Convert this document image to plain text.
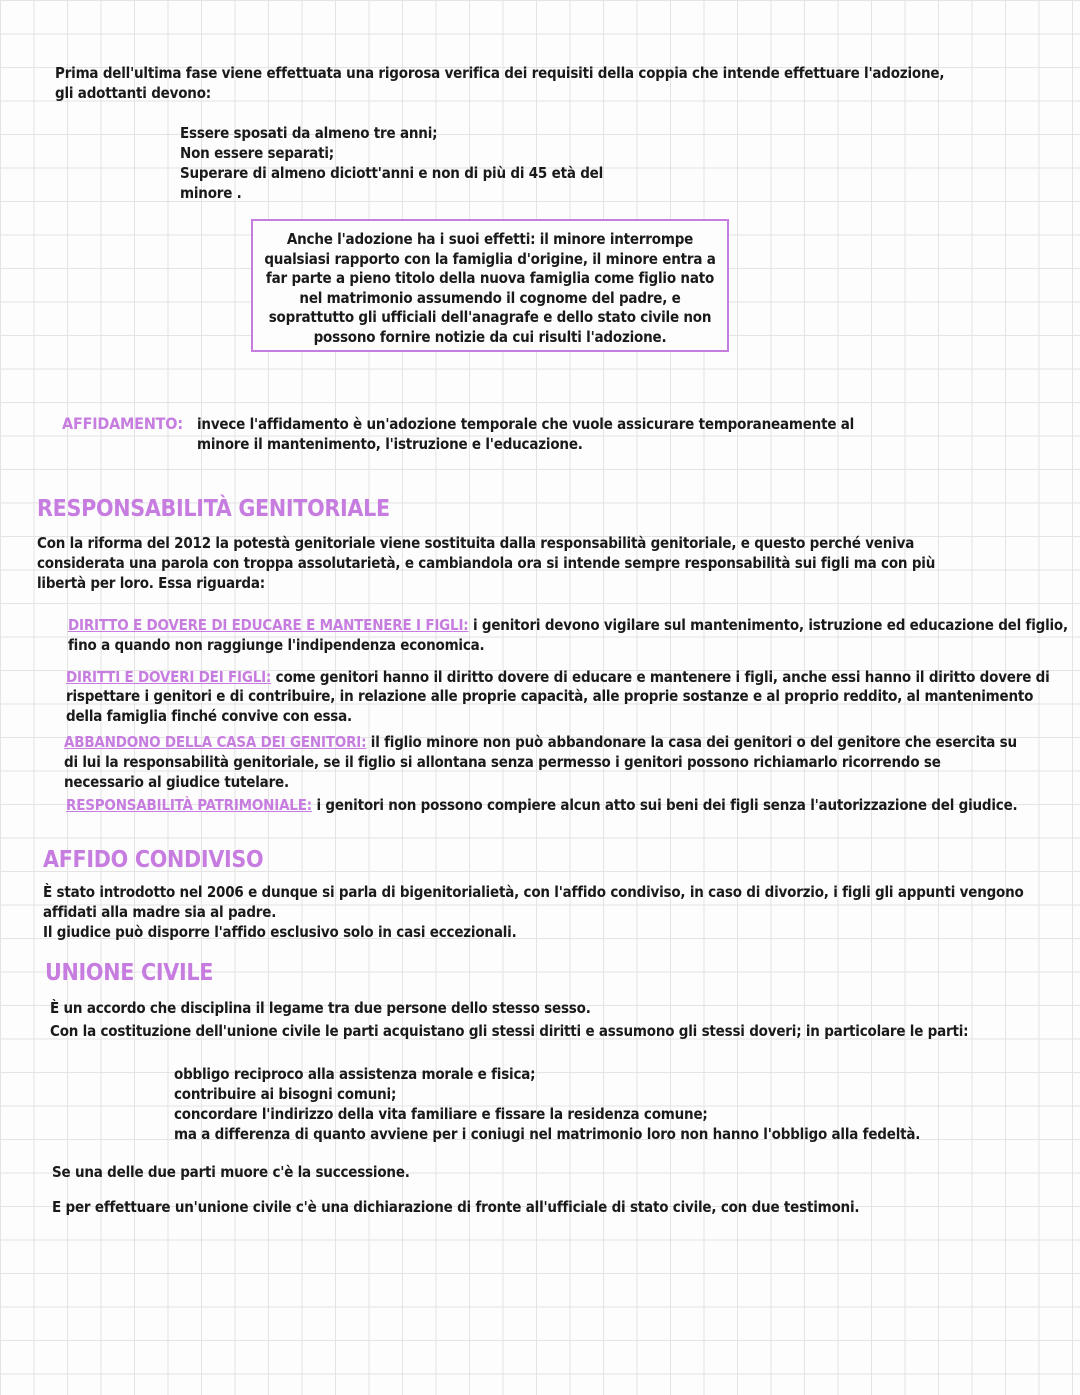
Prima dell'ultima fase viene effettuata una rigorosa verifica dei requisiti della coppia che intende effettuare l'adozione,
gli adottanti devono:
Essere sposati da almeno tre anni;
Non essere separati;
Superare di almeno diciott'anni e non di più di 45 età del
minore .
Anche l'adozione ha i suoi effetti: il minore interrompe
qualsiasi rapporto con la famiglia d'origine, il minore entra a
far parte a pieno titolo della nuova famiglia come figlio nato
nel matrimonio assumendo il cognome del padre, e
soprattutto gli ufficiali dell'anagrafe e dello stato civile non
possono fornire notizie da cui risulti l'adozione.
AFFIDAMENTO: invece l'affidamento è un'adozione temporale che vuole assicurare temporaneamente al
minore il mantenimento, l'istruzione e l'educazione.
RESPONSABILITÀ GENITORIALE
Con la riforma del 2012 la potestà genitoriale viene sostituita dalla responsabilità genitoriale, e questo perché veniva
considerata una parola con troppa assolutarietà, e cambiandola ora si intende sempre responsabilità sui figli ma con più
libertà per loro. Essa riguarda:
DIRITTO E DOVERE DI EDUCARE E MANTENERE I FIGLI: i genitori devono vigilare sul mantenimento, istruzione ed educazione del figlio,
fino a quando non raggiunge l'indipendenza economica.
DIRITTI E DOVERI DEI FIGLI: come genitori hanno il diritto dovere di educare e mantenere i figli, anche essi hanno il diritto dovere di
rispettare i genitori e di contribuire, in relazione alle proprie capacità, alle proprie sostanze e al proprio reddito, al mantenimento
della famiglia finché convive con essa.
ABBANDONO DELLA CASA DEI GENITORI: il figlio minore non può abbandonare la casa dei genitori o del genitore che esercita su
di lui la responsabilità genitoriale, se il figlio si allontana senza permesso i genitori possono richiamarlo ricorrendo se
necessario al giudice tutelare.
RESPONSABILITÀ PATRIMONIALE: i genitori non possono compiere alcun atto sui beni dei figli senza l'autorizzazione del giudice.
AFFIDO CONDIVISO
È stato introdotto nel 2006 e dunque si parla di bigenitorialietà, con l'affido condiviso, in caso di divorzio, i figli gli appunti vengono
affidati alla madre sia al padre.
Il giudice può disporre l'affido esclusivo solo in casi eccezionali.
UNIONE CIVILE
È un accordo che disciplina il legame tra due persone dello stesso sesso.
Con la costituzione dell'unione civile le parti acquistano gli stessi diritti e assumono gli stessi doveri; in particolare le parti:
obbligo reciproco alla assistenza morale e fisica;
contribuire ai bisogni comuni;
concordare l'indirizzo della vita familiare e fissare la residenza comune;
ma a differenza di quanto avviene per i coniugi nel matrimonio loro non hanno l'obbligo alla fedeltà.
Se una delle due parti muore c'è la successione.
E per effettuare un'unione civile c'è una dichiarazione di fronte all'ufficiale di stato civile, con due testimoni.
